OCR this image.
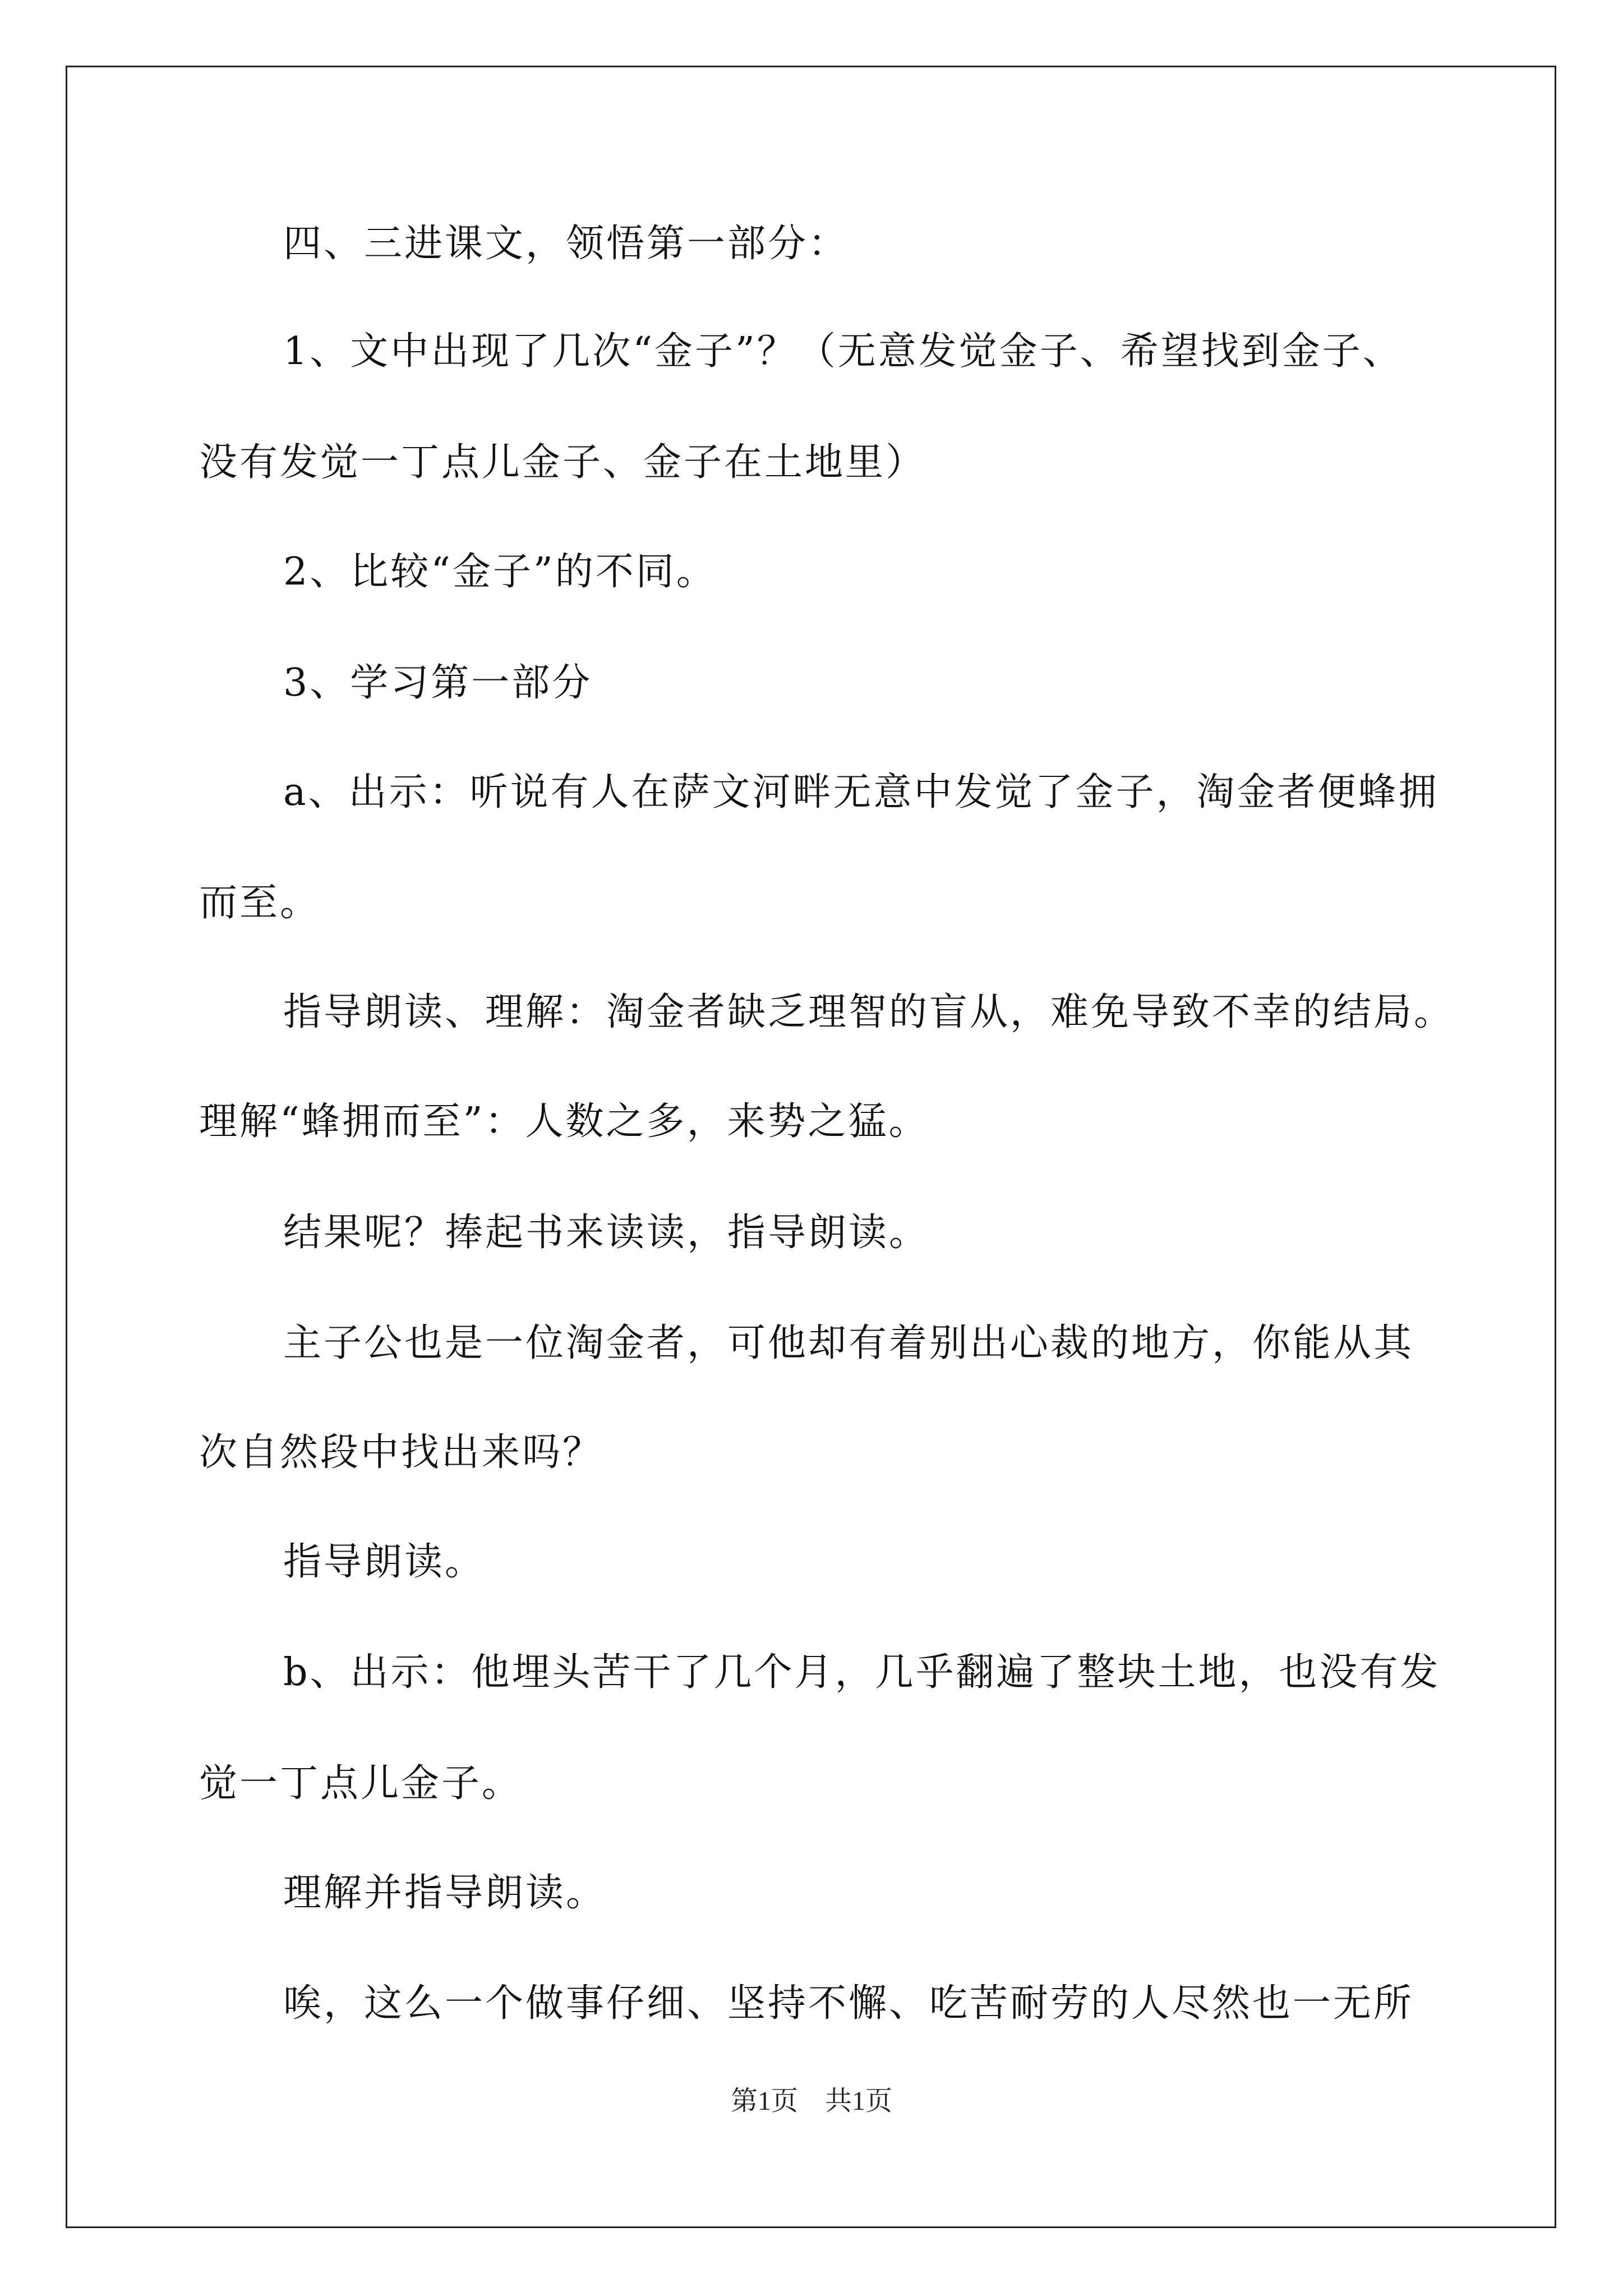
四、三进课文，领悟第一部分：
1、文中出现了几次“金子”？（无意发觉金子、希望找到金子、
没有发觉一丁点儿金子、金子在土地里）
2、比较“金子”的不同。
3、学习第一部分
a、出示：听说有人在萨文河畔无意中发觉了金子，淘金者便蜂拥
而至。
指导朗读、理解：淘金者缺乏理智的盲从，难免导致不幸的结局。
理解“蜂拥而至”：人数之多，来势之猛。
结果呢？捧起书来读读，指导朗读。
主子公也是一位淘金者，可他却有着别出心裁的地方，你能从其
次自然段中找出来吗？
指导朗读。
b、出示：他埋头苦干了几个月，几乎翻遍了整块土地，也没有发
觉一丁点儿金子。
理解并指导朗读。
唉，这么一个做事仔细、坚持不懈、吃苦耐劳的人尽然也一无所
第1页 共1页
